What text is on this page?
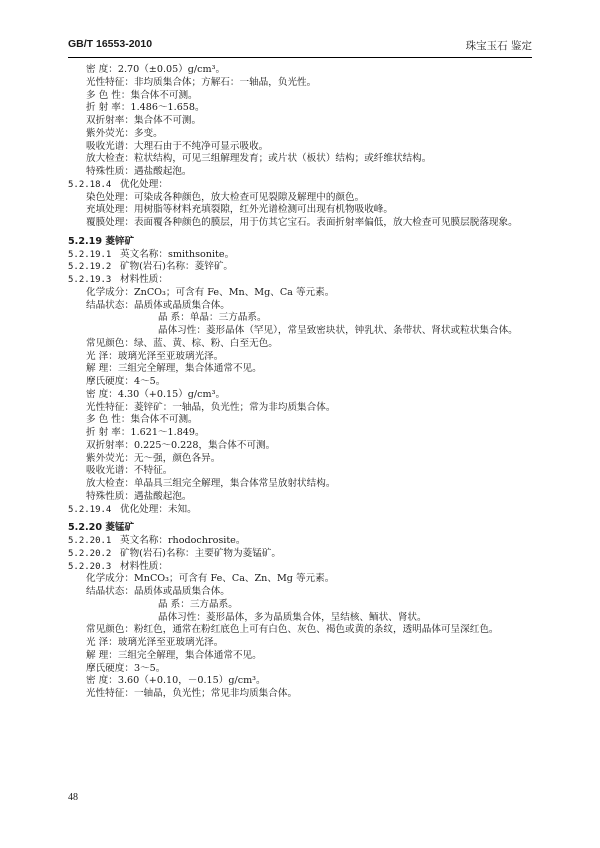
GB/T 16553-2010	珠宝玉石 鉴定
密 度：2.70（±0.05）g/cm³。
光性特征：非均质集合体；方解石：一轴晶，负光性。
多 色 性：集合体不可测。
折 射 率：1.486～1.658。
双折射率：集合体不可测。
紫外荧光：多变。
吸收光谱：大理石由于不纯净可显示吸收。
放大检查：粒状结构，可见三组解理发育；或片状（板状）结构；或纤维状结构。
特殊性质：遇盐酸起泡。
5.2.18.4 优化处理：
染色处理：可染成各种颜色，放大检查可见裂隙及解理中的颜色。
充填处理：用树脂等材料充填裂隙，红外光谱检测可出现有机物吸收峰。
覆膜处理：表面覆各种颜色的膜层，用于仿其它宝石。表面折射率偏低，放大检查可见膜层脱落现象。
5.2.19 菱锌矿
5.2.19.1 英文名称：smithsonite。
5.2.19.2 矿物(岩石)名称：菱锌矿。
5.2.19.3 材料性质：
化学成分：ZnCO₃；可含有 Fe、Mn、Mg、Ca 等元素。
结晶状态：晶质体或晶质集合体。
晶 系：单晶：三方晶系。
晶体习性：菱形晶体（罕见），常呈致密块状，钟乳状、条带状、肾状或粒状集合体。
常见颜色：绿、蓝、黄、棕、粉、白至无色。
光 泽：玻璃光泽至亚玻璃光泽。
解 理：三组完全解理，集合体通常不见。
摩氏硬度：4～5。
密 度：4.30（+0.15）g/cm³。
光性特征：菱锌矿：一轴晶，负光性；常为非均质集合体。
多 色 性：集合体不可测。
折 射 率：1.621～1.849。
双折射率：0.225～0.228，集合体不可测。
紫外荧光：无～强，颜色各异。
吸收光谱：不特征。
放大检查：单晶具三组完全解理，集合体常呈放射状结构。
特殊性质：遇盐酸起泡。
5.2.19.4 优化处理：未知。
5.2.20 菱锰矿
5.2.20.1 英文名称：rhodochrosite。
5.2.20.2 矿物(岩石)名称：主要矿物为菱锰矿。
5.2.20.3 材料性质：
化学成分：MnCO₃；可含有 Fe、Ca、Zn、Mg 等元素。
结晶状态：晶质体或晶质集合体。
晶 系：三方晶系。
晶体习性：菱形晶体，多为晶质集合体，呈结核、鲕状、肾状。
常见颜色：粉红色，通常在粉红底色上可有白色、灰色、褐色或黄的条纹，透明晶体可呈深红色。
光 泽：玻璃光泽至亚玻璃光泽。
解 理：三组完全解理，集合体通常不见。
摩氏硬度：3～5。
密 度：3.60（+0.10，－0.15）g/cm³。
光性特征：一轴晶，负光性；常见非均质集合体。
48
